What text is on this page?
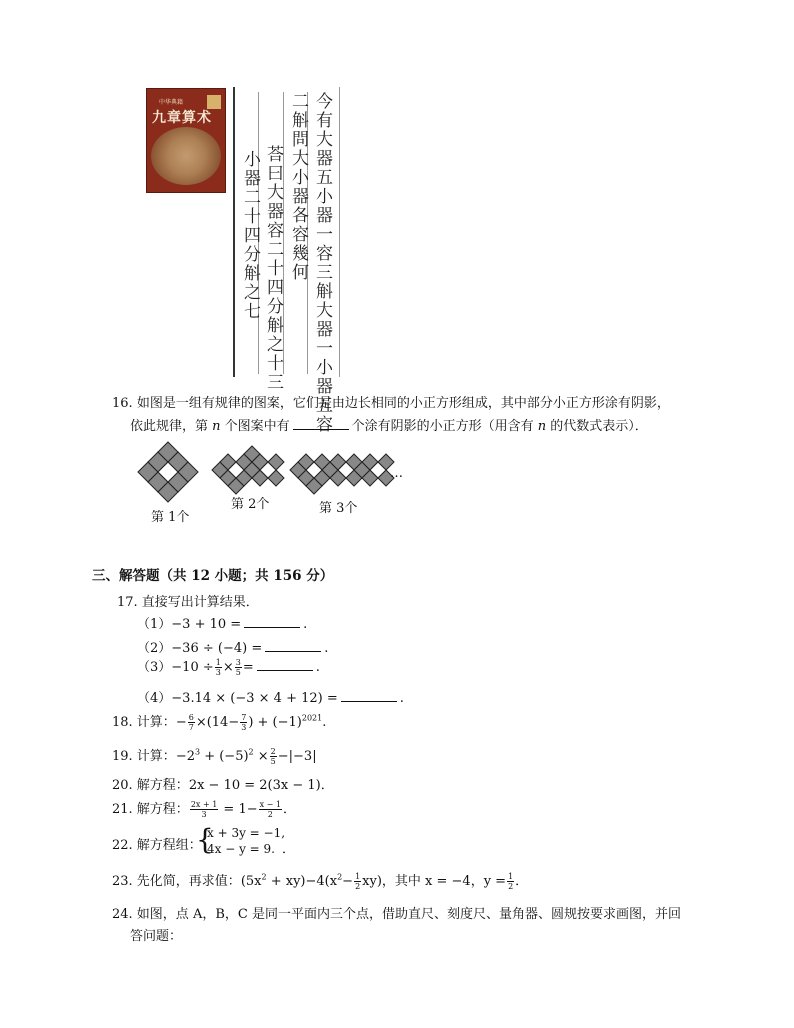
中华典籍
九章算术	今有大器五小器一容三斛大器一小器五容
二斛問大小器各容幾何
荅曰大器容二十四分斛之十三
小器二十四分斛之七
16. 如图是一组有规律的图案，它们是由边长相同的小正方形组成，其中部分小正方形涂有阴影，
依此规律，第 n 个图案中有	个涂有阴影的小正方形（用含有 n 的代数式表示）．
…
第 1个
第 2个	第 3个
三、解答题（共 12 小题；共 156 分）
17. 直接写出计算结果．
（1）−3 + 10 =	.
（2）−36 ÷ (−4) =	.
$(3)-10 \div \frac{1}{3} \times \frac{3}{5}$ =	.
（4）−3.14 × (−3 × 4 + 12) =	.
18. 计算：− $\frac{6}{7} \times(14- \frac{7}{3}$ ) + $(-1)^{2021}$.
19. 计算：$-2^3 + (-5)^2 \times \frac{2}{5} -|-3|$
20. 解方程：2x − 10 = 2(3x − 1)．
21. 解方程： $\frac{2x + 1}{3} = 1- \frac{x - 1}{2}$ ．
22. 解方程组：
{
x + 3y = −1,
4x − y = 9. ．
23. 先化简，再求值：$(5x^2 + xy)-4(x^2- \frac{1}{2} xy)$，其中 x = −4，$y = \frac{1}{2}$ ．
24. 如图，点 A，B，C 是同一平面内三个点，借助直尺、刻度尺、量角器、圆规按要求画图，并回
答问题：
